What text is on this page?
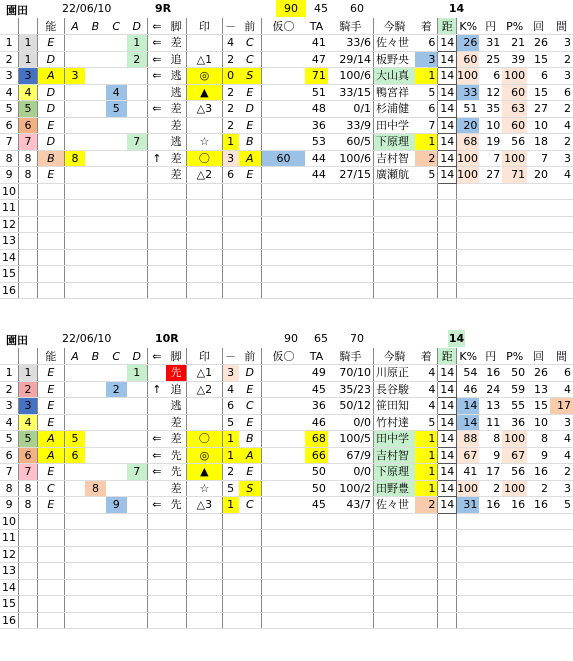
園田	22/06/10	9R	90	45 60	14
		能	A	B	C	D	⇐	脚	印	－	前	仮〇	TA	騎手	今騎	着	距	K%	円	P%	回	間
1	1	E				1	⇐	差		4	C		41	33/6	佐々世	6	14	26	31	21	26	3
2	1	D				2	⇐	追	△1	2	C		47	29/14	板野央	3	14	60	25	39	15	2
3	3	A	3				⇐	逃	◎	0	S		71	100/6	大山真	1	14	100	6	100	6	3
4	4	D			4			逃	▲	2	E		51	33/15	鴨宮祥	5	14	33	12	60	15	6
5	5	D			5		⇐	差	△3	2	D		48	0/1	杉浦健	6	14	51	35	63	27	2
6	6	E						差		2	E		36	33/9	田中学	7	14	20	10	60	10	4
7	7	D				7		逃	☆	1	B		53	60/5	下原理	1	14	68	19	56	18	2
8	8	B	8				↑	差	〇	3	A	60	44	100/6	吉村智	2	14	100	7	100	7	3
9	8	E						差	△2	6	E		44	27/15	廣瀬航	5	14	100	27	71	20	4
10																						
11																						
12																						
13																						
14																						
15																						
16																						
園田	22/06/10	10R	90	65 70	14
		能	A	B	C	D	⇐	脚	印	－	前	仮〇	TA	騎手	今騎	着	距	K%	円	P%	回	間
1	1	E				1		先	△1	3	D		49	70/10	川原正	4	14	54	16	50	26	6
2	2	E			2		↑	追	△2	4	E		45	35/23	長谷駿	4	14	46	24	59	13	4
3	3	E						逃		6	C		36	50/12	笹田知	4	14	14	13	55	15	17
4	4	E						差		5	E		46	0/0	竹村達	5	14	14	11	36	10	3
5	5	A	5				⇐	差	〇	1	B		68	100/5	田中学	1	14	88	8	100	8	4
6	6	A	6				⇐	先	◎	1	A		66	67/9	吉村智	1	14	67	9	67	9	4
7	7	E				7	⇐	先	▲	2	E		50	0/0	下原理	1	14	41	17	56	16	2
8	8	C		8				差	☆	5	S		50	100/2	田野豊	1	14	100	2	100	2	3
9	8	E			9		⇐	先	△3	1	C		45	43/7	佐々世	2	14	31	16	16	16	5
10																						
11																						
12																						
13																						
14																						
15																						
16																						
